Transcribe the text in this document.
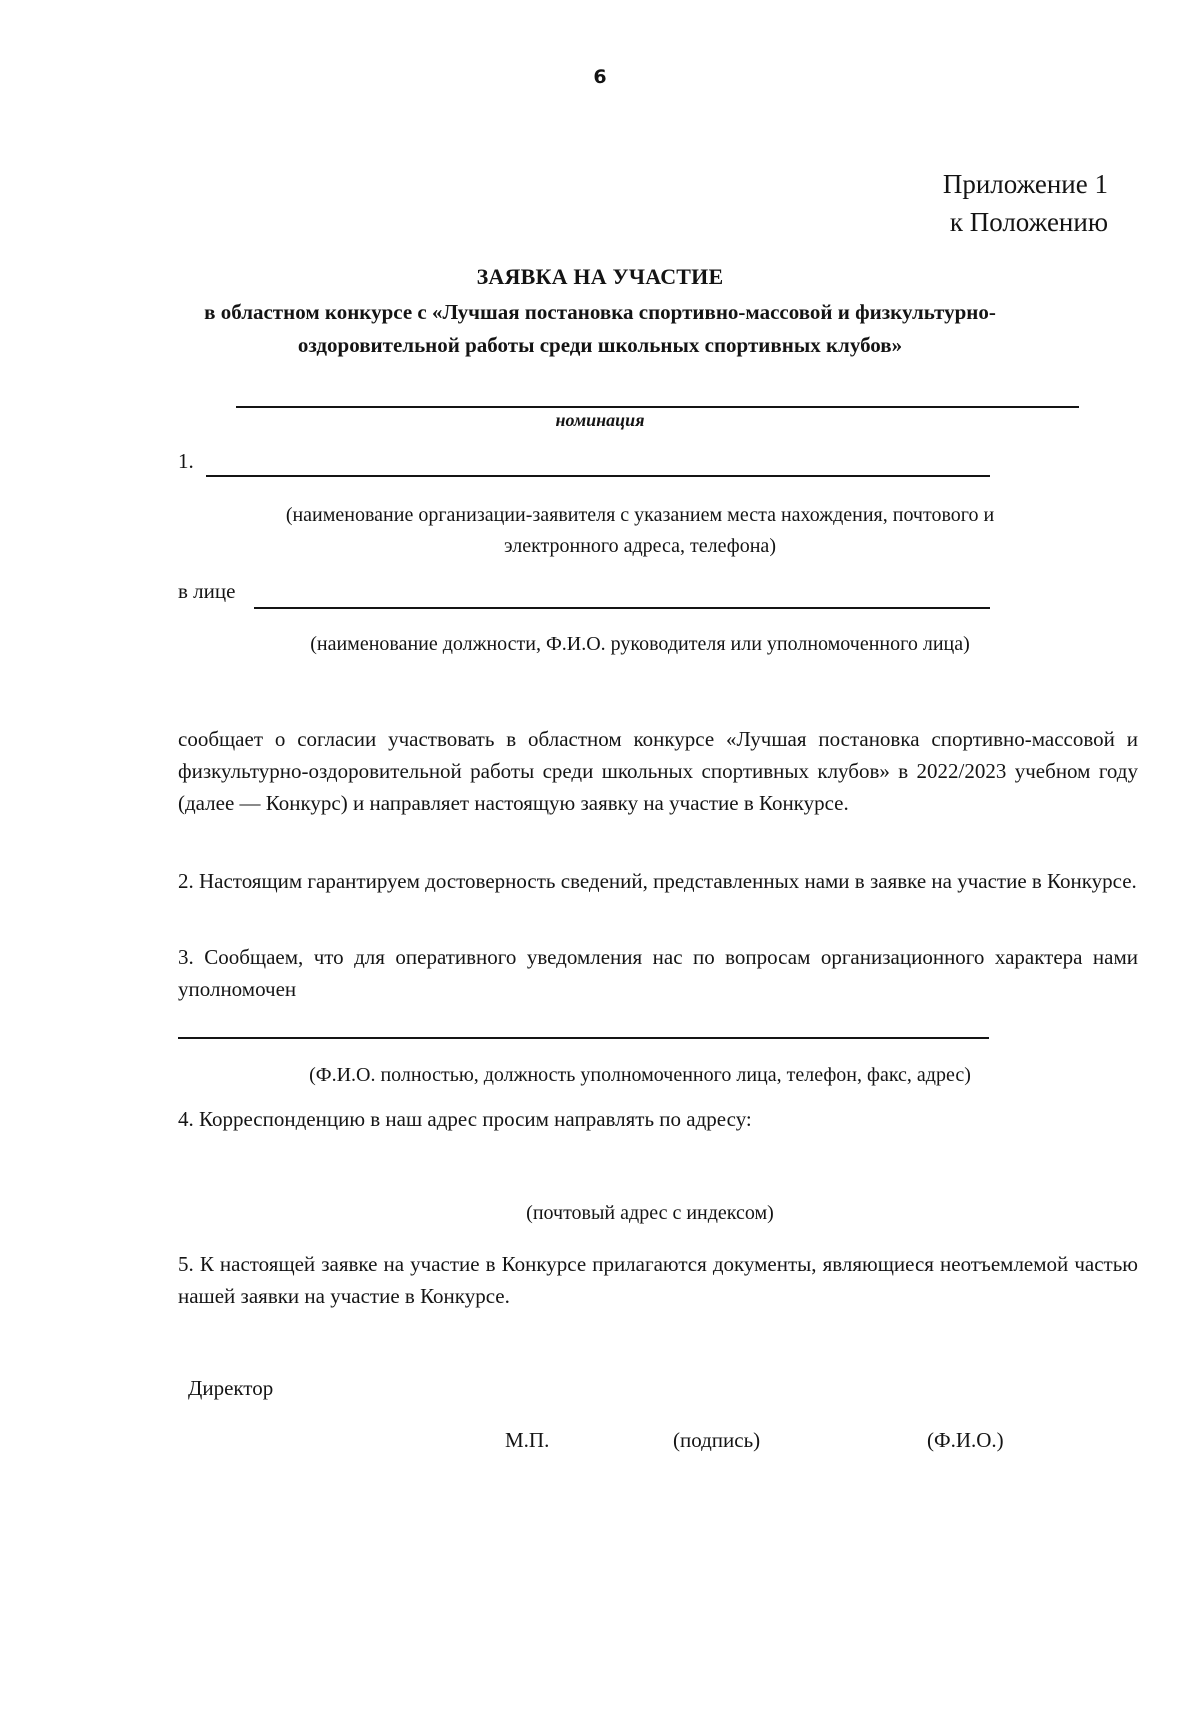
6
Приложение 1
к Положению
ЗАЯВКА НА УЧАСТИЕ
в областном конкурсе с «Лучшая постановка спортивно-массовой и физкультурно-
оздоровительной работы среди школьных спортивных клубов»
номинация
1.
(наименование организации-заявителя с указанием места нахождения, почтового и
электронного адреса, телефона)
в лице
(наименование должности, Ф.И.О. руководителя или уполномоченного лица)
сообщает о согласии участвовать в областном конкурсе «Лучшая постановка спортивно-массовой и физкультурно-оздоровительной работы среди школьных спортивных клубов» в 2022/2023 учебном году (далее — Конкурс) и направляет настоящую заявку на участие в Конкурсе.
2. Настоящим гарантируем достоверность сведений, представленных нами в заявке на участие в Конкурсе.
3. Сообщаем, что для оперативного уведомления нас по вопросам организационного характера нами уполномочен
(Ф.И.О. полностью, должность уполномоченного лица, телефон, факс, адрес)
4. Корреспонденцию в наш адрес просим направлять по адресу:
(почтовый адрес с индексом)
5. К настоящей заявке на участие в Конкурсе прилагаются документы, являющиеся неотъемлемой частью нашей заявки на участие в Конкурсе.
Директор
М.П.	(подпись)	(Ф.И.О.)
